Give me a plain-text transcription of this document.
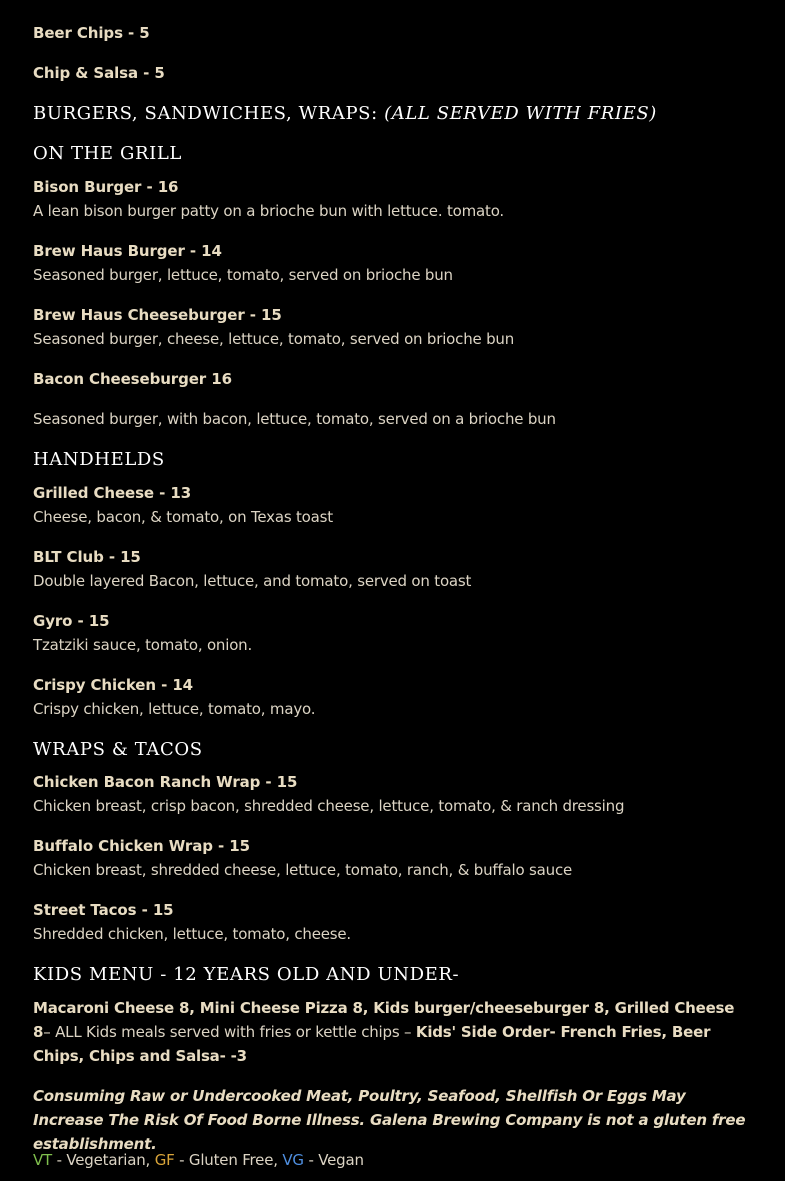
Beer Chips - 5
Chip & Salsa - 5
BURGERS, SANDWICHES, WRAPS: (ALL SERVED WITH FRIES)
ON THE GRILL
Bison Burger - 16
A lean bison burger patty on a brioche bun with lettuce. tomato.
Brew Haus Burger - 14
Seasoned burger, lettuce, tomato, served on brioche bun
Brew Haus Cheeseburger - 15
Seasoned burger, cheese, lettuce, tomato, served on brioche bun
Bacon Cheeseburger 16
Seasoned burger, with bacon, lettuce, tomato, served on a brioche bun
HANDHELDS
Grilled Cheese - 13
Cheese, bacon, & tomato, on Texas toast
BLT Club - 15
Double layered Bacon, lettuce, and tomato, served on toast
Gyro - 15
Tzatziki sauce, tomato, onion.
Crispy Chicken - 14
Crispy chicken, lettuce, tomato, mayo.
WRAPS & TACOS
Chicken Bacon Ranch Wrap - 15
Chicken breast, crisp bacon, shredded cheese, lettuce, tomato, & ranch dressing
Buffalo Chicken Wrap - 15
Chicken breast, shredded cheese, lettuce, tomato, ranch, & buffalo sauce
Street Tacos - 15
Shredded chicken, lettuce, tomato, cheese.
KIDS MENU - 12 YEARS OLD AND UNDER-
Macaroni Cheese 8, Mini Cheese Pizza 8, Kids burger/cheeseburger 8, Grilled Cheese 8– ALL Kids meals served with fries or kettle chips – Kids' Side Order- French Fries, Beer Chips, Chips and Salsa- -3
Consuming Raw or Undercooked Meat, Poultry, Seafood, Shellfish Or Eggs May Increase The Risk Of Food Borne Illness. Galena Brewing Company is not a gluten free establishment.
VT - Vegetarian, GF - Gluten Free, VG - Vegan
